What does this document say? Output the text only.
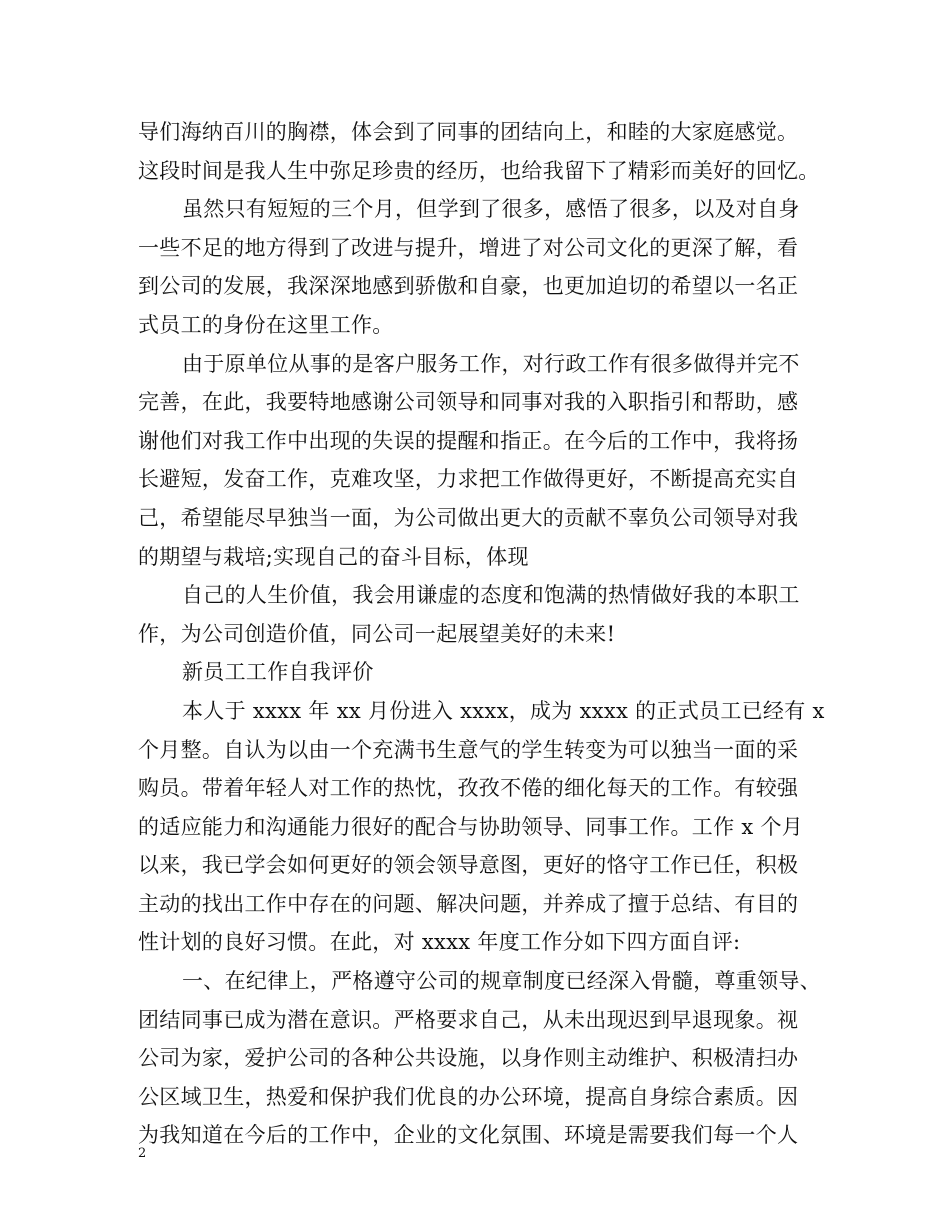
导们海纳百川的胸襟，体会到了同事的团结向上，和睦的大家庭感觉。
这段时间是我人生中弥足珍贵的经历，也给我留下了精彩而美好的回忆。
虽然只有短短的三个月，但学到了很多，感悟了很多，以及对自身
一些不足的地方得到了改进与提升，增进了对公司文化的更深了解，看
到公司的发展，我深深地感到骄傲和自豪，也更加迫切的希望以一名正
式员工的身份在这里工作。
由于原单位从事的是客户服务工作，对行政工作有很多做得并完不
完善，在此，我要特地感谢公司领导和同事对我的入职指引和帮助，感
谢他们对我工作中出现的失误的提醒和指正。在今后的工作中，我将扬
长避短，发奋工作，克难攻坚，力求把工作做得更好，不断提高充实自
己，希望能尽早独当一面，为公司做出更大的贡献不辜负公司领导对我
的期望与栽培;实现自己的奋斗目标，体现
自己的人生价值，我会用谦虚的态度和饱满的热情做好我的本职工
作，为公司创造价值，同公司一起展望美好的未来!
新员工工作自我评价
本人于 xxxx 年 xx 月份进入 xxxx，成为 xxxx 的正式员工已经有 x
个月整。自认为以由一个充满书生意气的学生转变为可以独当一面的采
购员。带着年轻人对工作的热忱，孜孜不倦的细化每天的工作。有较强
的适应能力和沟通能力很好的配合与协助领导、同事工作。工作 x 个月
以来，我已学会如何更好的领会领导意图，更好的恪守工作已任，积极
主动的找出工作中存在的问题、解决问题，并养成了擅于总结、有目的
性计划的良好习惯。在此，对 xxxx 年度工作分如下四方面自评:
一、在纪律上，严格遵守公司的规章制度已经深入骨髓，尊重领导、
团结同事已成为潜在意识。严格要求自己，从未出现迟到早退现象。视
公司为家，爱护公司的各种公共设施，以身作则主动维护、积极清扫办
公区域卫生，热爱和保护我们优良的办公环境，提高自身综合素质。因
为我知道在今后的工作中，企业的文化氛围、环境是需要我们每一个人
2
